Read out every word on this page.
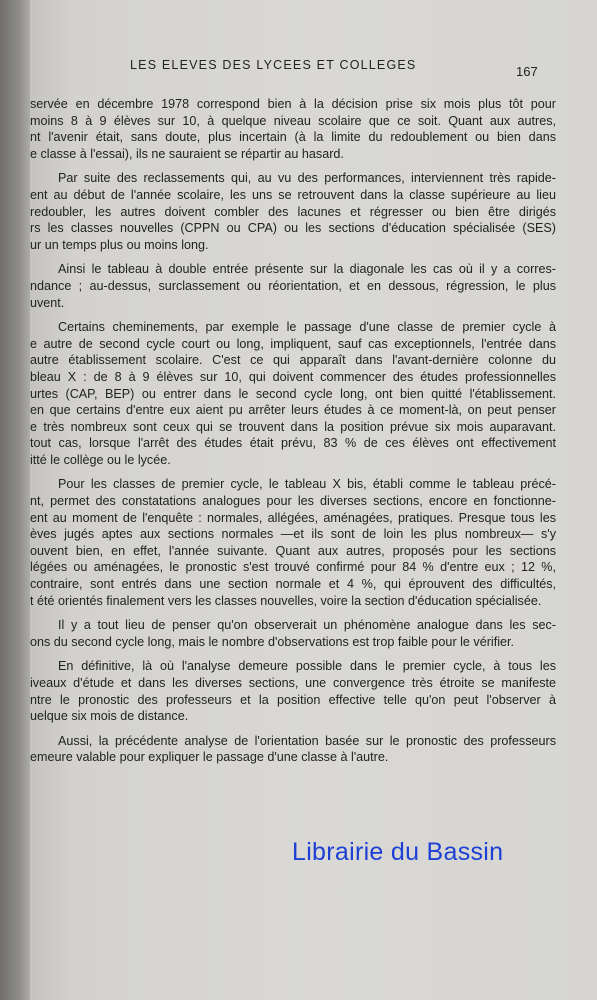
LES ELEVES DES LYCEES ET COLLEGES	167

servée en décembre 1978 correspond bien à la décision prise six mois plus tôt pour
moins 8 à 9 élèves sur 10, à quelque niveau scolaire que ce soit. Quant aux autres,
nt l'avenir était, sans doute, plus incertain (à la limite du redoublement ou bien dans
e classe à l'essai), ils ne sauraient se répartir au hasard.

Par suite des reclassements qui, au vu des performances, interviennent très rapide-
ent au début de l'année scolaire, les uns se retrouvent dans la classe supérieure au lieu
redoubler, les autres doivent combler des lacunes et régresser ou bien être dirigés
rs les classes nouvelles (CPPN ou CPA) ou les sections d'éducation spécialisée (SES)
ur un temps plus ou moins long.

Ainsi le tableau à double entrée présente sur la diagonale les cas où il y a corres-
ndance ; au-dessus, surclassement ou réorientation, et en dessous, régression, le plus
uvent.

Certains cheminements, par exemple le passage d'une classe de premier cycle à
e autre de second cycle court ou long, impliquent, sauf cas exceptionnels, l'entrée dans
autre établissement scolaire. C'est ce qui apparaît dans l'avant-dernière colonne du
bleau X : de 8 à 9 élèves sur 10, qui doivent commencer des études professionnelles
urtes (CAP, BEP) ou entrer dans le second cycle long, ont bien quitté l'établissement.
en que certains d'entre eux aient pu arrêter leurs études à ce moment-là, on peut penser
e très nombreux sont ceux qui se trouvent dans la position prévue six mois auparavant.
tout cas, lorsque l'arrêt des études était prévu, 83 % de ces élèves ont effectivement
itté le collège ou le lycée.

Pour les classes de premier cycle, le tableau X bis, établi comme le tableau précé-
nt, permet des constatations analogues pour les diverses sections, encore en fonctionne-
ent au moment de l'enquête : normales, allégées, aménagées, pratiques. Presque tous les
èves jugés aptes aux sections normales —et ils sont de loin les plus nombreux— s'y
ouvent bien, en effet, l'année suivante. Quant aux autres, proposés pour les sections
légées ou aménagées, le pronostic s'est trouvé confirmé pour 84 % d'entre eux ; 12 %,
contraire, sont entrés dans une section normale et 4 %, qui éprouvent des difficultés,
t été orientés finalement vers les classes nouvelles, voire la section d'éducation spécialisée.

Il y a tout lieu de penser qu'on observerait un phénomène analogue dans les sec-
ons du second cycle long, mais le nombre d'observations est trop faible pour le vérifier.

En définitive, là où l'analyse demeure possible dans le premier cycle, à tous les
iveaux d'étude et dans les diverses sections, une convergence très étroite se manifeste
ntre le pronostic des professeurs et la position effective telle qu'on peut l'observer à
uelque six mois de distance.

Aussi, la précédente analyse de l'orientation basée sur le pronostic des professeurs
emeure valable pour expliquer le passage d'une classe à l'autre.

Librairie du Bassin
